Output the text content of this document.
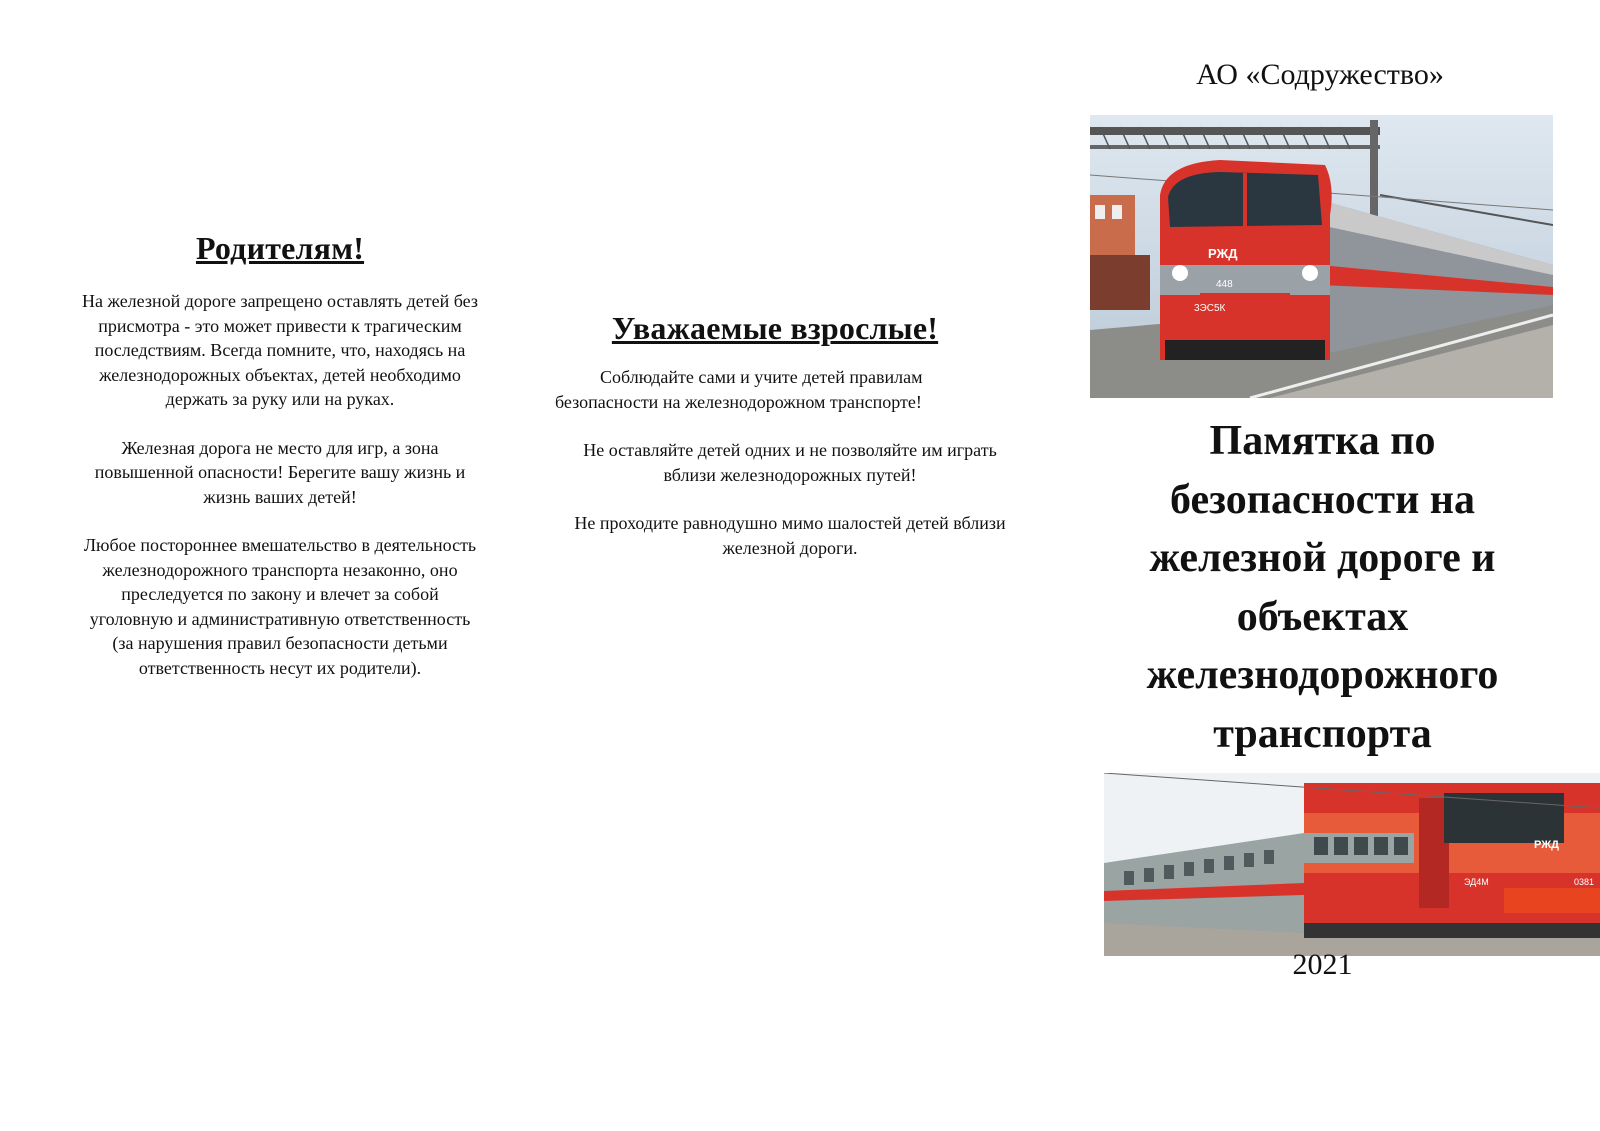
Родителям!

На железной дороге запрещено оставлять детей без присмотра - это может привести к трагическим последствиям. Всегда помните, что, находясь на железнодорожных объектах, детей необходимо держать за руку или на руках.

Железная дорога не место для игр, а зона повышенной опасности! Берегите вашу жизнь и жизнь ваших детей!

Любое постороннее вмешательство в деятельность железнодорожного транспорта незаконно, оно преследуется по закону и влечет за собой уголовную и административную ответственность (за нарушения правил безопасности детьми ответственность несут их родители).

Уважаемые взрослые!

Соблюдайте сами и учите детей правилам безопасности на железнодорожном транспорте!

Не оставляйте детей одних и не позволяйте им играть вблизи железнодорожных путей!

Не проходите равнодушно мимо шалостей детей вблизи железной дороги.

АО «Содружество»
РЖД
448
3ЭС5К
Памятка по безопасности на железной дороге и объектах железнодорожного транспорта
РЖД
ЭД4М	0381
2021
